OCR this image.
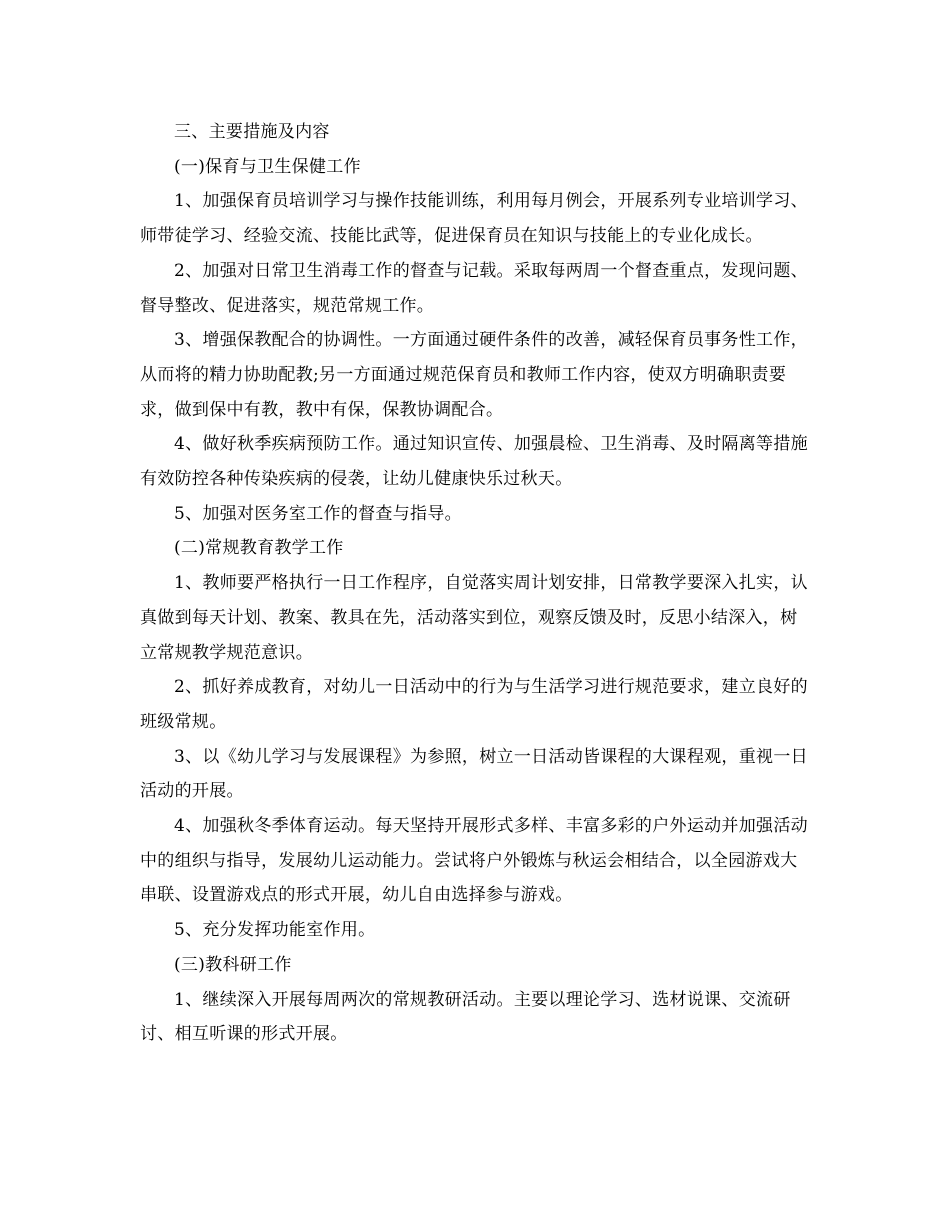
三、主要措施及内容
(一)保育与卫生保健工作
1、加强保育员培训学习与操作技能训练，利用每月例会，开展系列专业培训学习、师带徒学习、经验交流、技能比武等，促进保育员在知识与技能上的专业化成长。
2、加强对日常卫生消毒工作的督查与记载。采取每两周一个督查重点，发现问题、督导整改、促进落实，规范常规工作。
3、增强保教配合的协调性。一方面通过硬件条件的改善，减轻保育员事务性工作，从而将的精力协助配教;另一方面通过规范保育员和教师工作内容，使双方明确职责要求，做到保中有教，教中有保，保教协调配合。
4、做好秋季疾病预防工作。通过知识宣传、加强晨检、卫生消毒、及时隔离等措施有效防控各种传染疾病的侵袭，让幼儿健康快乐过秋天。
5、加强对医务室工作的督查与指导。
(二)常规教育教学工作
1、教师要严格执行一日工作程序，自觉落实周计划安排，日常教学要深入扎实，认真做到每天计划、教案、教具在先，活动落实到位，观察反馈及时，反思小结深入，树立常规教学规范意识。
2、抓好养成教育，对幼儿一日活动中的行为与生活学习进行规范要求，建立良好的班级常规。
3、以《幼儿学习与发展课程》为参照，树立一日活动皆课程的大课程观，重视一日活动的开展。
4、加强秋冬季体育运动。每天坚持开展形式多样、丰富多彩的户外运动并加强活动中的组织与指导，发展幼儿运动能力。尝试将户外锻炼与秋运会相结合，以全园游戏大串联、设置游戏点的形式开展，幼儿自由选择参与游戏。
5、充分发挥功能室作用。
(三)教科研工作
1、继续深入开展每周两次的常规教研活动。主要以理论学习、选材说课、交流研讨、相互听课的形式开展。
